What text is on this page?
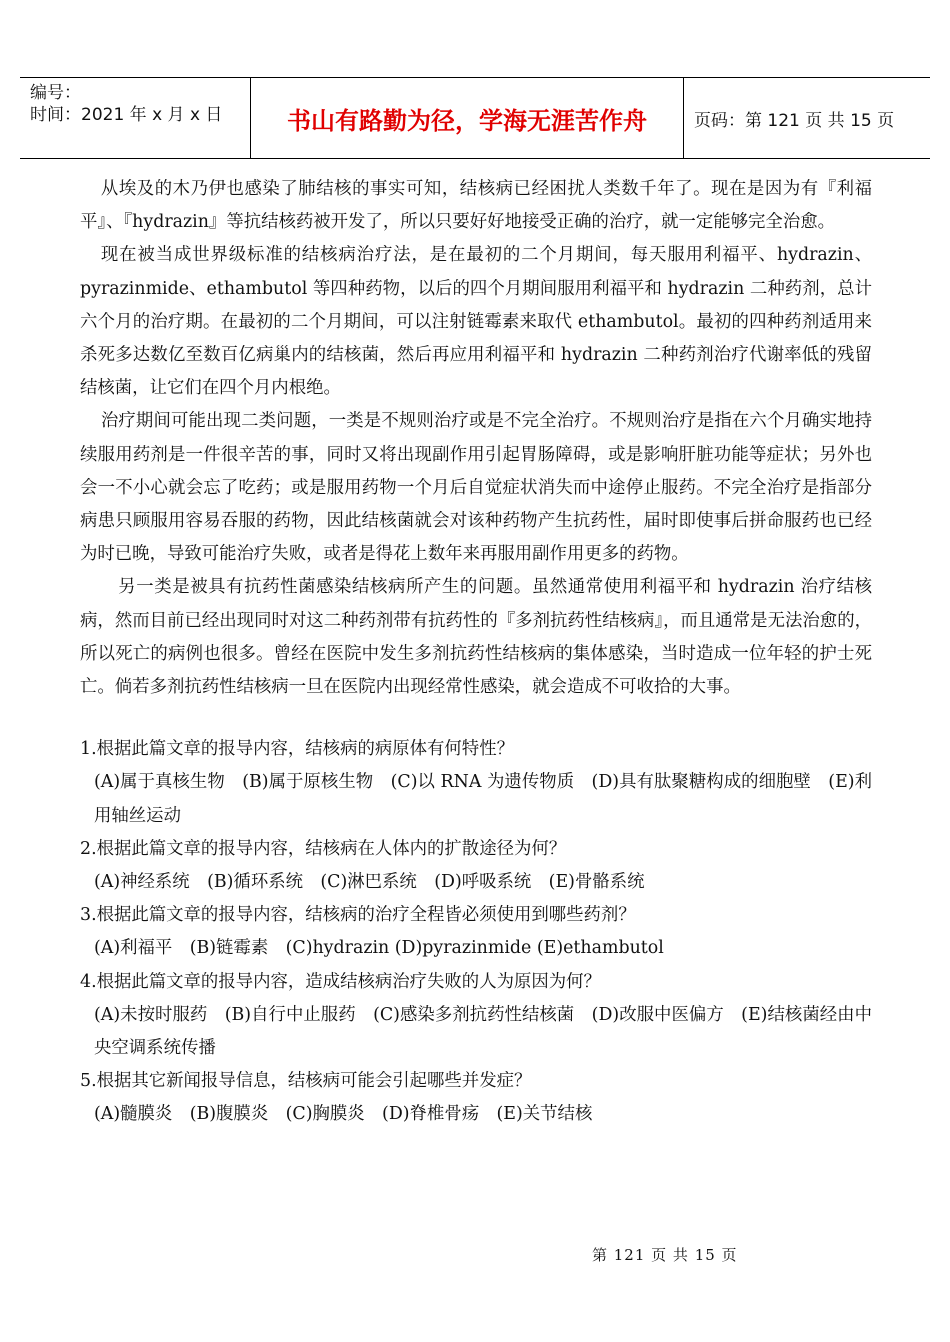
编号：
时间：2021 年 x 月 x 日	书山有路勤为径，学海无涯苦作舟	页码：第 121 页 共 15 页

从埃及的木乃伊也感染了肺结核的事实可知，结核病已经困扰人类数千年了。现在是因为有『利福平』、『hydrazin』等抗结核药被开发了，所以只要好好地接受正确的治疗，就一定能够完全治愈。

现在被当成世界级标准的结核病治疗法，是在最初的二个月期间，每天服用利福平、hydrazin、pyrazinmide、ethambutol 等四种药物，以后的四个月期间服用利福平和 hydrazin 二种药剂，总计六个月的治疗期。在最初的二个月期间，可以注射链霉素来取代 ethambutol。最初的四种药剂适用来杀死多达数亿至数百亿病巢内的结核菌，然后再应用利福平和 hydrazin 二种药剂治疗代谢率低的残留结核菌，让它们在四个月内根绝。

治疗期间可能出现二类问题，一类是不规则治疗或是不完全治疗。不规则治疗是指在六个月确实地持续服用药剂是一件很辛苦的事，同时又将出现副作用引起胃肠障碍，或是影响肝脏功能等症状；另外也会一不小心就会忘了吃药；或是服用药物一个月后自觉症状消失而中途停止服药。不完全治疗是指部分病患只顾服用容易吞服的药物，因此结核菌就会对该种药物产生抗药性，届时即使事后拼命服药也已经为时已晚，导致可能治疗失败，或者是得花上数年来再服用副作用更多的药物。

另一类是被具有抗药性菌感染结核病所产生的问题。虽然通常使用利福平和 hydrazin 治疗结核病，然而目前已经出现同时对这二种药剂带有抗药性的『多剂抗药性结核病』，而且通常是无法治愈的，所以死亡的病例也很多。曾经在医院中发生多剂抗药性结核病的集体感染，当时造成一位年轻的护士死亡。倘若多剂抗药性结核病一旦在医院内出现经常性感染，就会造成不可收拾的大事。

1.根据此篇文章的报导内容，结核病的病原体有何特性？

(A)属于真核生物　(B)属于原核生物　(C)以 RNA 为遗传物质　(D)具有肽聚糖构成的细胞壁　(E)利用轴丝运动

2.根据此篇文章的报导内容，结核病在人体内的扩散途径为何？

(A)神经系统　(B)循环系统　(C)淋巴系统　(D)呼吸系统　(E)骨骼系统

3.根据此篇文章的报导内容，结核病的治疗全程皆必须使用到哪些药剂？

(A)利福平　(B)链霉素　(C)hydrazin (D)pyrazinmide (E)ethambutol

4.根据此篇文章的报导内容，造成结核病治疗失败的人为原因为何？

(A)未按时服药　(B)自行中止服药　(C)感染多剂抗药性结核菌　(D)改服中医偏方　(E)结核菌经由中央空调系统传播

5.根据其它新闻报导信息，结核病可能会引起哪些并发症？

(A)髓膜炎　(B)腹膜炎　(C)胸膜炎　(D)脊椎骨疡　(E)关节结核

第 121 页 共 15 页
